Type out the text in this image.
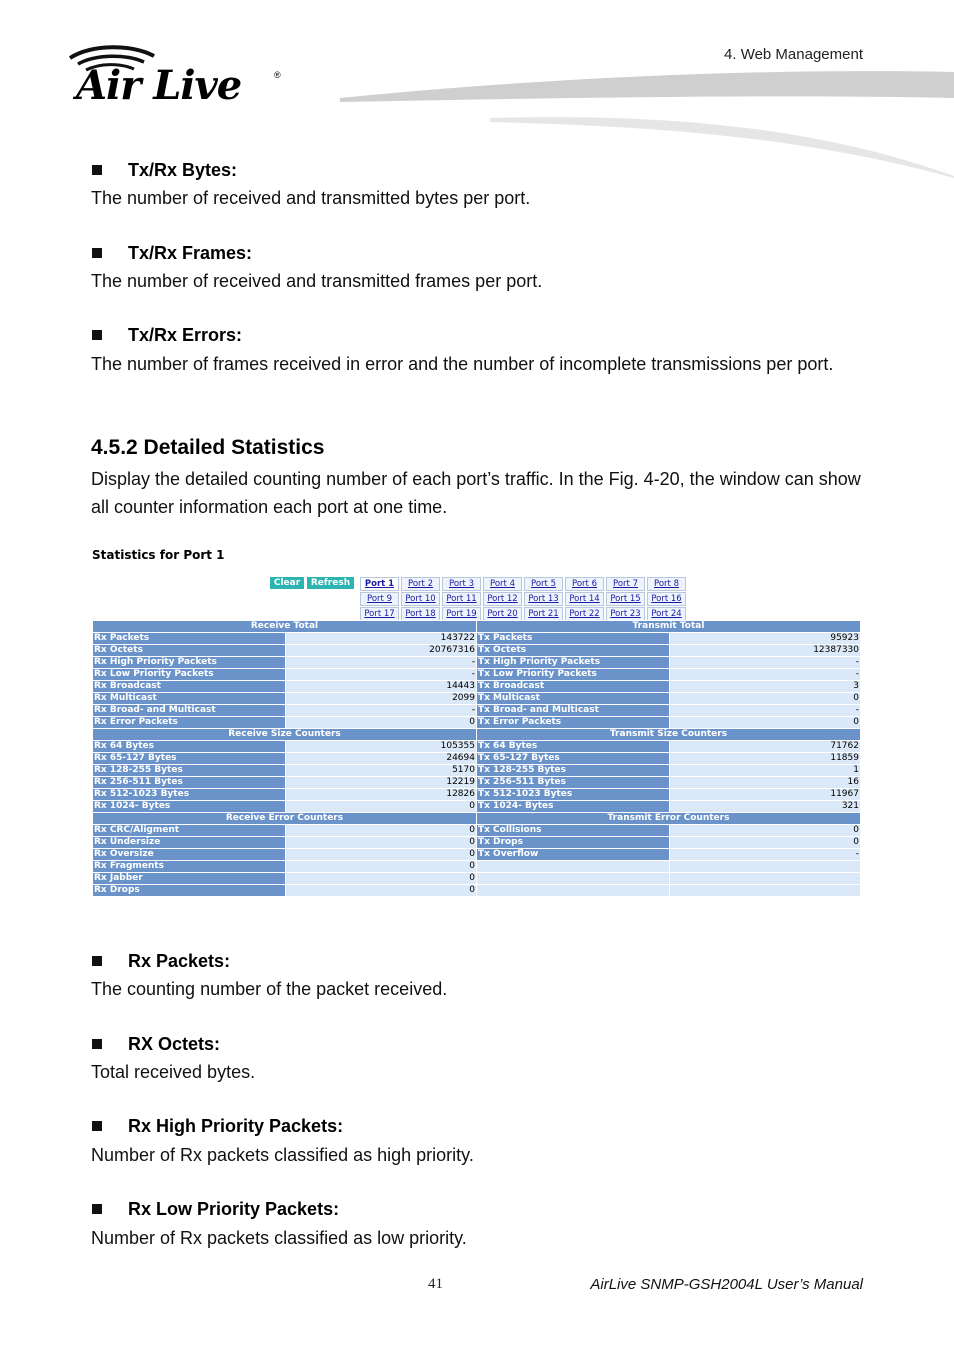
4. Web Management
Air Live	®
Tx/Rx Bytes:
The number of received and transmitted bytes per port.
Tx/Rx Frames:
The number of received and transmitted frames per port.
Tx/Rx Errors:
The number of frames received in error and the number of incomplete transmissions per port.
4.5.2 Detailed Statistics
Display the detailed counting number of each port’s traffic. In the Fig. 4-20, the window can show all counter information each port at one time.
Statistics for Port 1
Clear	Refresh	Port 1	Port 2	Port 3	Port 4	Port 5	Port 6	Port 7	Port 8
Port 9	Port 10	Port 11	Port 12	Port 13	Port 14	Port 15	Port 16
Port 17	Port 18	Port 19	Port 20	Port 21	Port 22	Port 23	Port 24
Receive Total		Transmit Total	
Rx Packets	143722	Tx Packets	95923
Rx Octets	20767316	Tx Octets	12387330
Rx High Priority Packets	-	Tx High Priority Packets	-
Rx Low Priority Packets	-	Tx Low Priority Packets	-
Rx Broadcast	14443	Tx Broadcast	3
Rx Multicast	2099	Tx Multicast	0
Rx Broad- and Multicast	-	Tx Broad- and Multicast	-
Rx Error Packets	0	Tx Error Packets	0
Receive Size Counters		Transmit Size Counters	
Rx 64 Bytes	105355	Tx 64 Bytes	71762
Rx 65-127 Bytes	24694	Tx 65-127 Bytes	11859
Rx 128-255 Bytes	5170	Tx 128-255 Bytes	1
Rx 256-511 Bytes	12219	Tx 256-511 Bytes	16
Rx 512-1023 Bytes	12826	Tx 512-1023 Bytes	11967
Rx 1024- Bytes	0	Tx 1024- Bytes	321
Receive Error Counters		Transmit Error Counters	
Rx CRC/Aligment	0	Tx Collisions	0
Rx Undersize	0	Tx Drops	0
Rx Oversize	0	Tx Overflow	-
Rx Fragments	0		
Rx Jabber	0		
Rx Drops	0		
Rx Packets:
The counting number of the packet received.
RX Octets:
Total received bytes.
Rx High Priority Packets:
Number of Rx packets classified as high priority.
Rx Low Priority Packets:
Number of Rx packets classified as low priority.
41	AirLive SNMP-GSH2004L User’s Manual
